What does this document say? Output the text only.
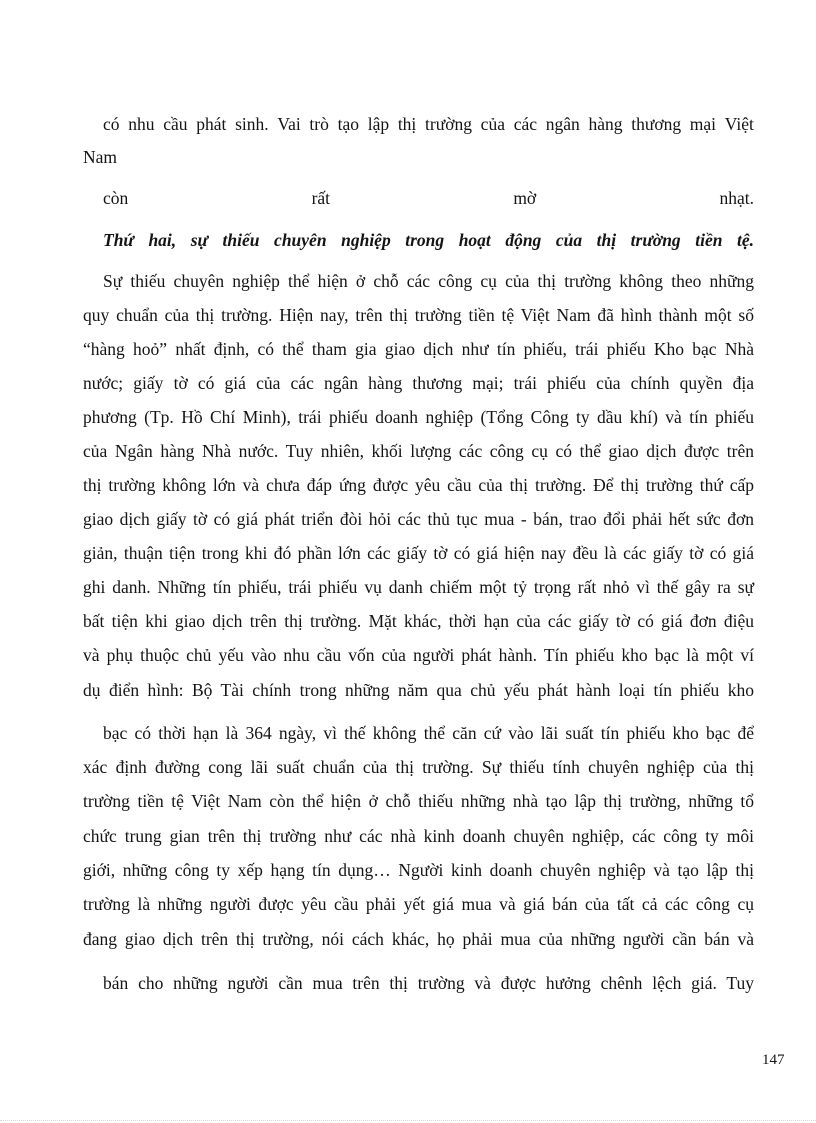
có nhu cầu phát sinh. Vai trò tạo lập thị trường của các ngân hàng thương mại Việt
Nam
còn rất mờ nhạt.
Thứ hai, sự thiếu chuyên nghiệp trong hoạt động của thị trường tiền tệ.
Sự thiếu chuyên nghiệp thể hiện ở chỗ các công cụ của thị trường không theo những
quy chuẩn của thị trường. Hiện nay, trên thị trường tiền tệ Việt Nam đã hình thành một số
“hàng hoỏ” nhất định, có thể tham gia giao dịch như tín phiếu, trái phiếu Kho bạc Nhà
nước; giấy tờ có giá của các ngân hàng thương mại; trái phiếu của chính quyền địa
phương (Tp. Hồ Chí Minh), trái phiếu doanh nghiệp (Tổng Công ty dầu khí) và tín phiếu
của Ngân hàng Nhà nước. Tuy nhiên, khối lượng các công cụ có thể giao dịch được trên
thị trường không lớn và chưa đáp ứng được yêu cầu của thị trường. Để thị trường thứ cấp
giao dịch giấy tờ có giá phát triển đòi hỏi các thủ tục mua - bán, trao đổi phải hết sức đơn
giản, thuận tiện trong khi đó phần lớn các giấy tờ có giá hiện nay đều là các giấy tờ có giá
ghi danh. Những tín phiếu, trái phiếu vụ danh chiếm một tỷ trọng rất nhỏ vì thế gây ra sự
bất tiện khi giao dịch trên thị trường. Mặt khác, thời hạn của các giấy tờ có giá đơn điệu
và phụ thuộc chủ yếu vào nhu cầu vốn của người phát hành. Tín phiếu kho bạc là một ví
dụ điển hình: Bộ Tài chính trong những năm qua chủ yếu phát hành loại tín phiếu kho
bạc có thời hạn là 364 ngày, vì thế không thể căn cứ vào lãi suất tín phiếu kho bạc để
xác định đường cong lãi suất chuẩn của thị trường. Sự thiếu tính chuyên nghiệp của thị
trường tiền tệ Việt Nam còn thể hiện ở chỗ thiếu những nhà tạo lập thị trường, những tổ
chức trung gian trên thị trường như các nhà kinh doanh chuyên nghiệp, các công ty môi
giới, những công ty xếp hạng tín dụng… Người kinh doanh chuyên nghiệp và tạo lập thị
trường là những người được yêu cầu phải yết giá mua và giá bán của tất cả các công cụ
đang giao dịch trên thị trường, nói cách khác, họ phải mua của những người cần bán và
bán cho những người cần mua trên thị trường và được hưởng chênh lệch giá. Tuy
147
